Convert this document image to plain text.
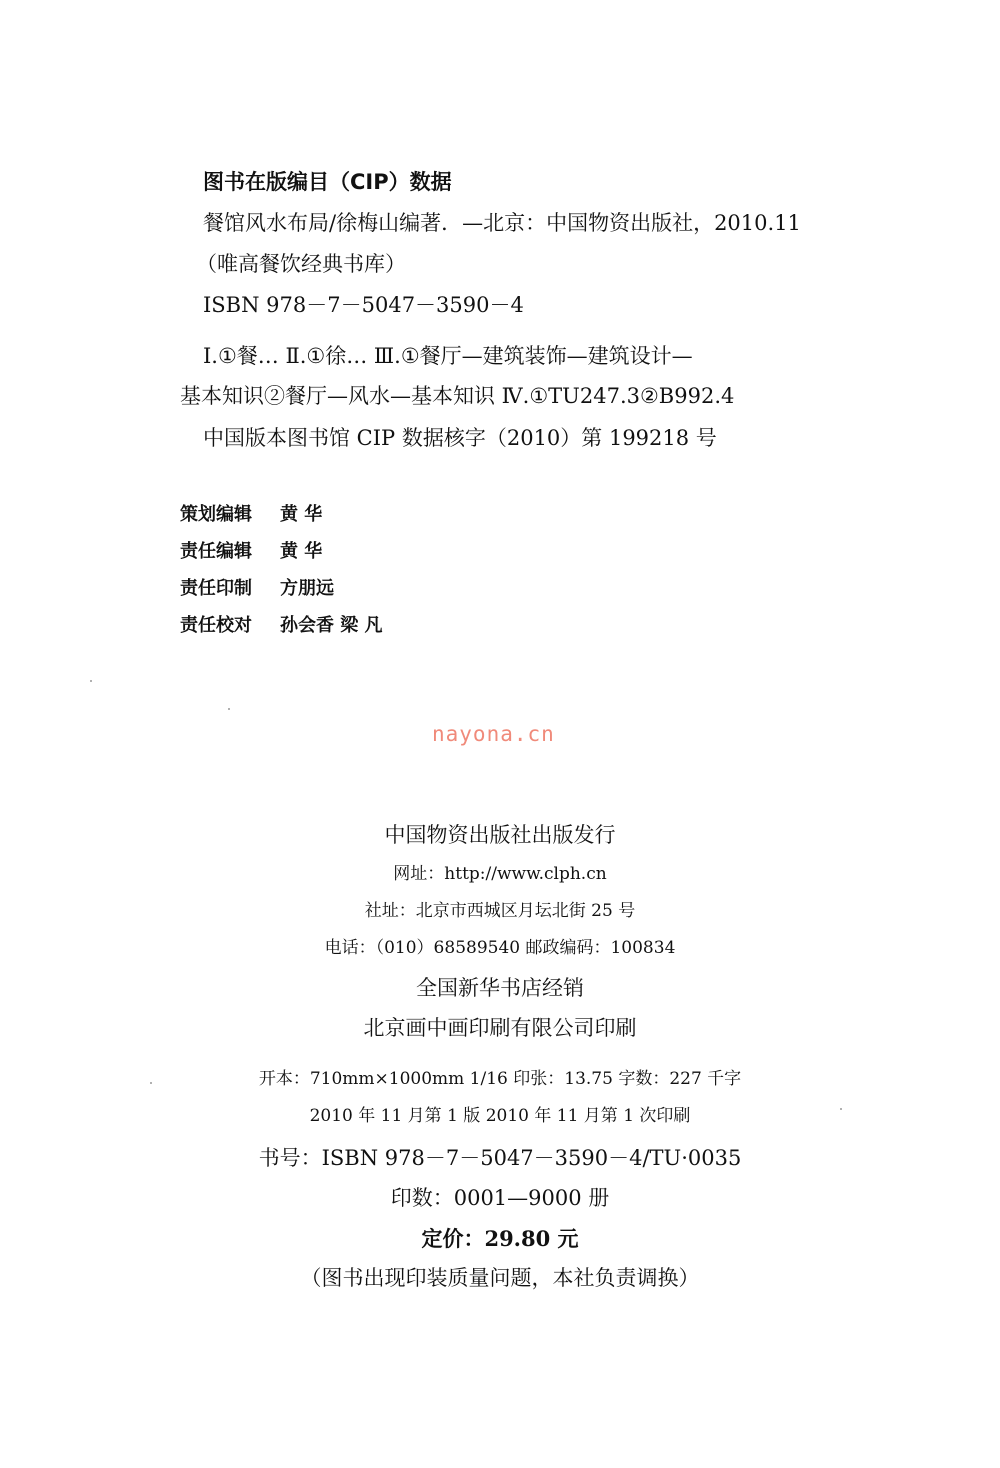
图书在版编目（CIP）数据
餐馆风水布局/徐梅山编著．—北京：中国物资出版社，2010.11
（唯高餐饮经典书库）
ISBN 978－7－5047－3590－4
Ⅰ.①餐… Ⅱ.①徐… Ⅲ.①餐厅—建筑装饰—建筑设计—
基本知识②餐厅—风水—基本知识 Ⅳ.①TU247.3②B992.4
中国版本图书馆 CIP 数据核字（2010）第 199218 号
策划编辑 黄 华
责任编辑 黄 华
责任印制 方朋远
责任校对 孙会香 梁 凡
nayona.cn
中国物资出版社出版发行
网址：http://www.clph.cn
社址：北京市西城区月坛北街 25 号
电话：（010）68589540 邮政编码：100834
全国新华书店经销
北京画中画印刷有限公司印刷
开本：710mm×1000mm 1/16 印张：13.75 字数：227 千字
2010 年 11 月第 1 版 2010 年 11 月第 1 次印刷
书号：ISBN 978－7－5047－3590－4/TU·0035
印数：0001—9000 册
定价：29.80 元
（图书出现印装质量问题，本社负责调换）
